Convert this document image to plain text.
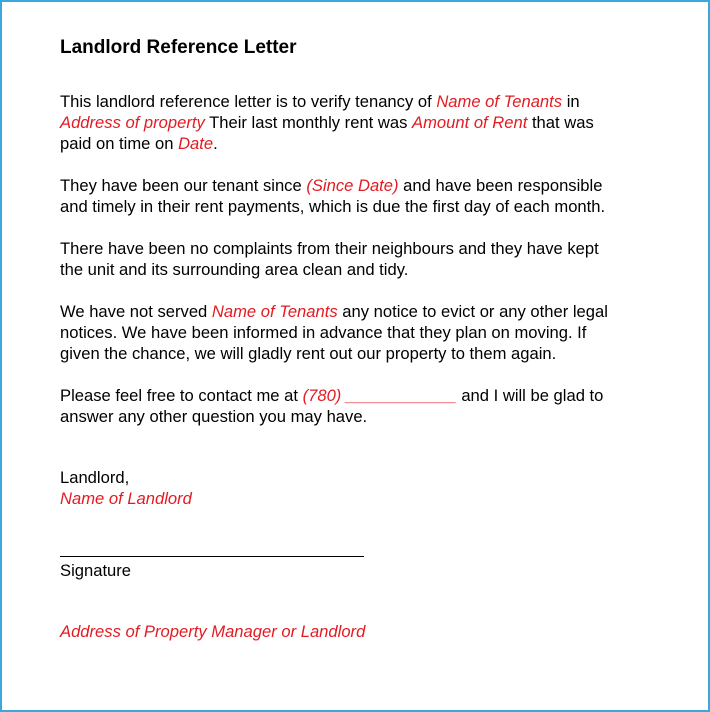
Landlord Reference Letter
This landlord reference letter is to verify tenancy of Name of Tenants in
Address of property Their last monthly rent was Amount of Rent that was
paid on time on Date.
They have been our tenant since (Since Date) and have been responsible
and timely in their rent payments, which is due the first day of each month.
There have been no complaints from their neighbours and they have kept
the unit and its surrounding area clean and tidy.
We have not served Name of Tenants any notice to evict or any other legal
notices. We have been informed in advance that they plan on moving. If
given the chance, we will gladly rent out our property to them again.
Please feel free to contact me at (780) ____________ and I will be glad to
answer any other question you may have.
Landlord,
Name of Landlord
Signature
Address of Property Manager or Landlord
